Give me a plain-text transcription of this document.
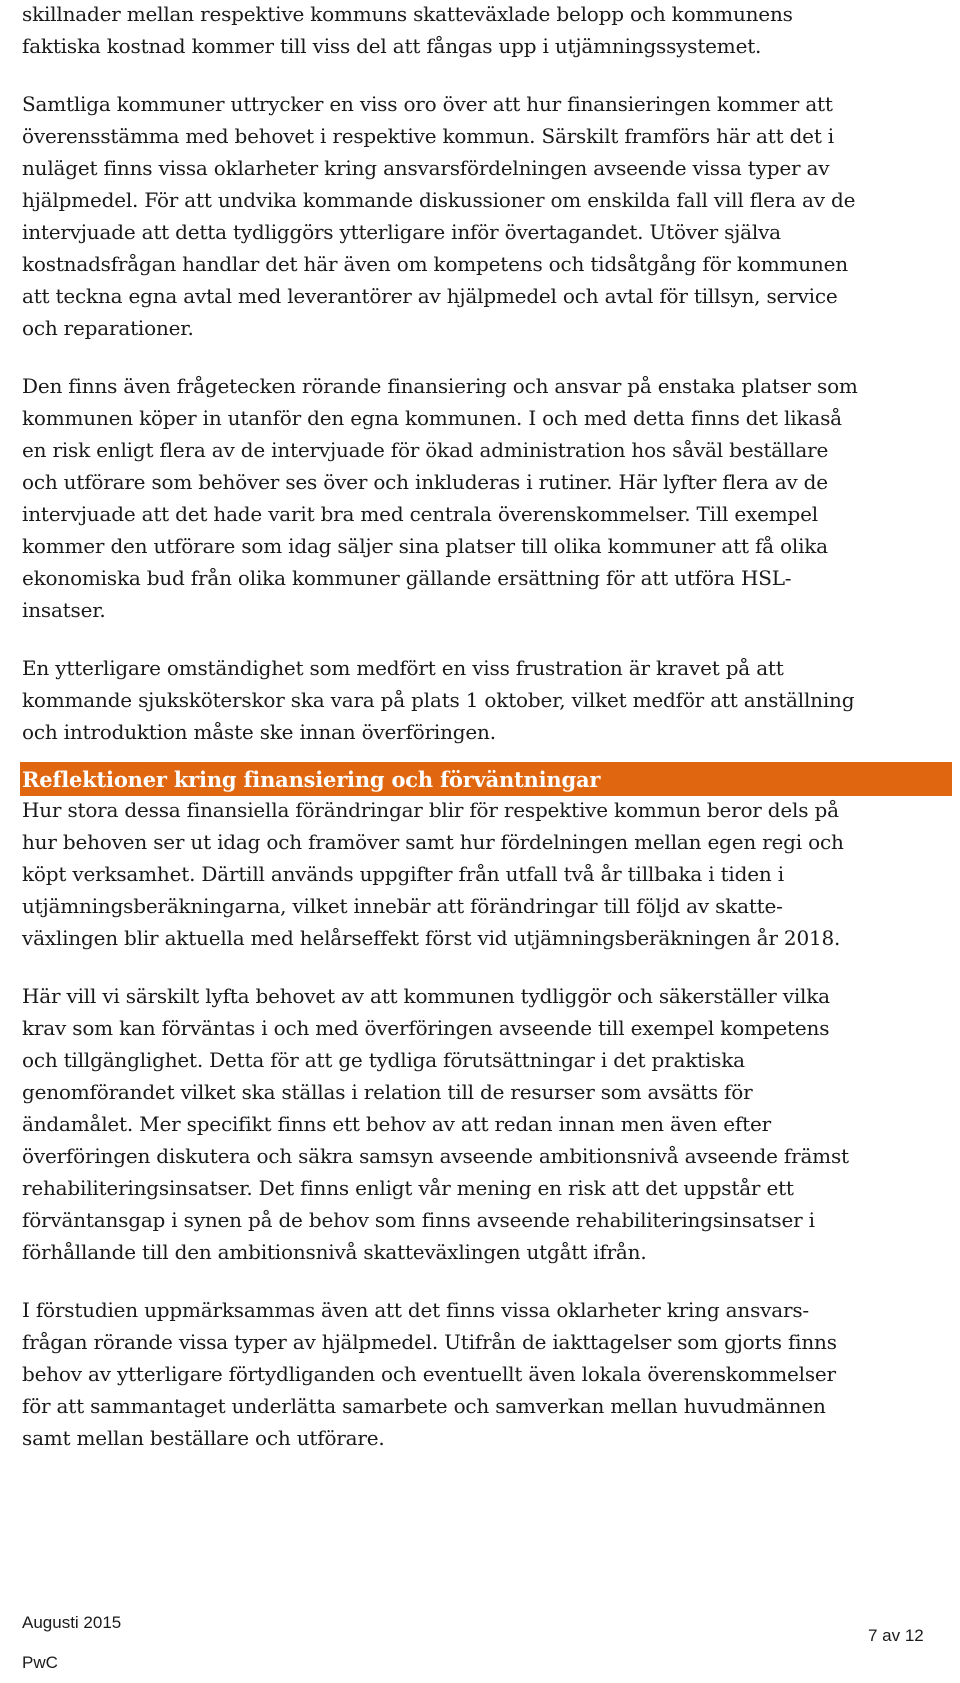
skillnader mellan respektive kommuns skatteväxlade belopp och kommunens
faktiska kostnad kommer till viss del att fångas upp i utjämningssystemet.
Samtliga kommuner uttrycker en viss oro över att hur finansieringen kommer att
överensstämma med behovet i respektive kommun. Särskilt framförs här att det i
nuläget finns vissa oklarheter kring ansvarsfördelningen avseende vissa typer av
hjälpmedel. För att undvika kommande diskussioner om enskilda fall vill flera av de
intervjuade att detta tydliggörs ytterligare inför övertagandet. Utöver själva
kostnadsfrågan handlar det här även om kompetens och tidsåtgång för kommunen
att teckna egna avtal med leverantörer av hjälpmedel och avtal för tillsyn, service
och reparationer.
Den finns även frågetecken rörande finansiering och ansvar på enstaka platser som
kommunen köper in utanför den egna kommunen. I och med detta finns det likaså
en risk enligt flera av de intervjuade för ökad administration hos såväl beställare
och utförare som behöver ses över och inkluderas i rutiner. Här lyfter flera av de
intervjuade att det hade varit bra med centrala överenskommelser. Till exempel
kommer den utförare som idag säljer sina platser till olika kommuner att få olika
ekonomiska bud från olika kommuner gällande ersättning för att utföra HSL-
insatser.
En ytterligare omständighet som medfört en viss frustration är kravet på att
kommande sjuksköterskor ska vara på plats 1 oktober, vilket medför att anställning
och introduktion måste ske innan överföringen.
Reflektioner kring finansiering och förväntningar
Hur stora dessa finansiella förändringar blir för respektive kommun beror dels på
hur behoven ser ut idag och framöver samt hur fördelningen mellan egen regi och
köpt verksamhet. Därtill används uppgifter från utfall två år tillbaka i tiden i
utjämningsberäkningarna, vilket innebär att förändringar till följd av skatte-
växlingen blir aktuella med helårseffekt först vid utjämningsberäkningen år 2018.
Här vill vi särskilt lyfta behovet av att kommunen tydliggör och säkerställer vilka
krav som kan förväntas i och med överföringen avseende till exempel kompetens
och tillgänglighet. Detta för att ge tydliga förutsättningar i det praktiska
genomförandet vilket ska ställas i relation till de resurser som avsätts för
ändamålet. Mer specifikt finns ett behov av att redan innan men även efter
överföringen diskutera och säkra samsyn avseende ambitionsnivå avseende främst
rehabiliteringsinsatser. Det finns enligt vår mening en risk att det uppstår ett
förväntansgap i synen på de behov som finns avseende rehabiliteringsinsatser i
förhållande till den ambitionsnivå skatteväxlingen utgått ifrån.
I förstudien uppmärksammas även att det finns vissa oklarheter kring ansvars-
frågan rörande vissa typer av hjälpmedel. Utifrån de iakttagelser som gjorts finns
behov av ytterligare förtydliganden och eventuellt även lokala överenskommelser
för att sammantaget underlätta samarbete och samverkan mellan huvudmännen
samt mellan beställare och utförare.
Augusti 2015
PwC
7 av 12
